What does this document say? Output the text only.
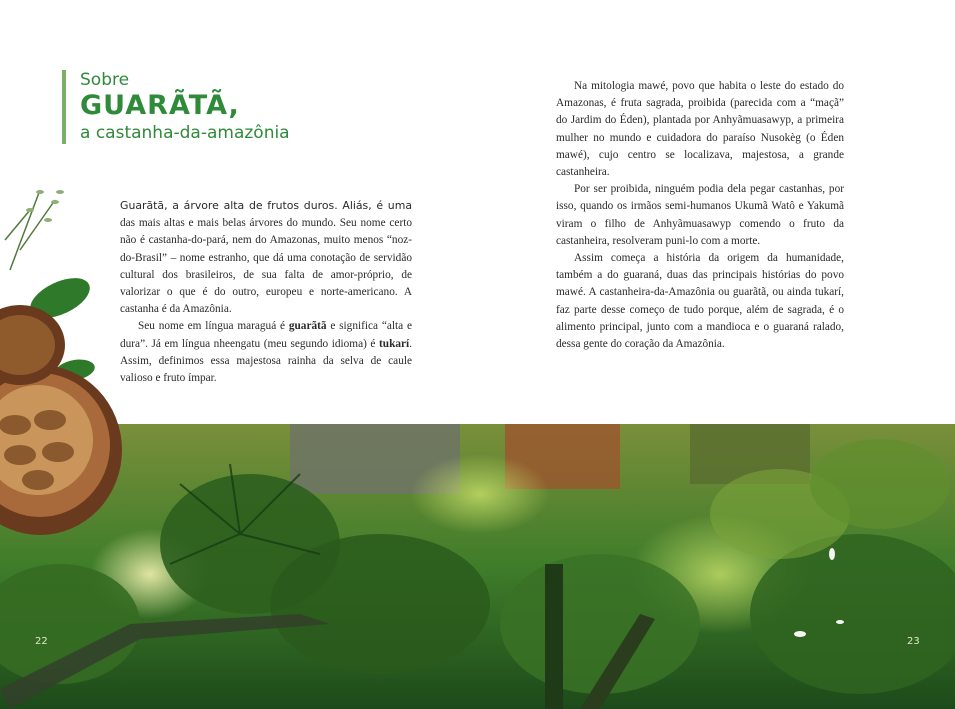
Sobre
GUARÃTÃ,
a castanha-da-amazônia

Guarãtã, a árvore alta de frutos duros. Aliás, é uma das mais altas e mais belas árvores do mundo. Seu nome certo não é castanha-do-pará, nem do Amazonas, muito menos “noz-do-Brasil” – nome estranho, que dá uma conotação de servidão cultural dos brasileiros, de sua falta de amor-próprio, de valorizar o que é do outro, europeu e norte-americano. A castanha é da Amazônia.

Seu nome em língua maraguá é guarãtã e significa “alta e dura”. Já em língua nheengatu (meu segundo idioma) é tukarí. Assim, definimos essa majestosa rainha da selva de caule valioso e fruto ímpar.

Na mitologia mawé, povo que habita o leste do estado do Amazonas, é fruta sagrada, proibida (parecida com a “maçã” do Jardim do Éden), plantada por Anhyãmuasawyp, a primeira mulher no mundo e cuidadora do paraíso Nusokèg (o Éden mawé), cujo centro se localizava, majestosa, a grande castanheira.

Por ser proibida, ninguém podia dela pegar castanhas, por isso, quando os irmãos semi-humanos Ukumã Watô e Yakumã viram o filho de Anhyãmuasawyp comendo o fruto da castanheira, resolveram puni-lo com a morte.

Assim começa a história da origem da humanidade, também a do guaraná, duas das principais histórias do povo mawé. A castanheira-da-Amazônia ou guarãtã, ou ainda tukarí, faz parte desse começo de tudo porque, além de sagrada, é o alimento principal, junto com a mandioca e o guaraná ralado, dessa gente do coração da Amazônia.

22	23
